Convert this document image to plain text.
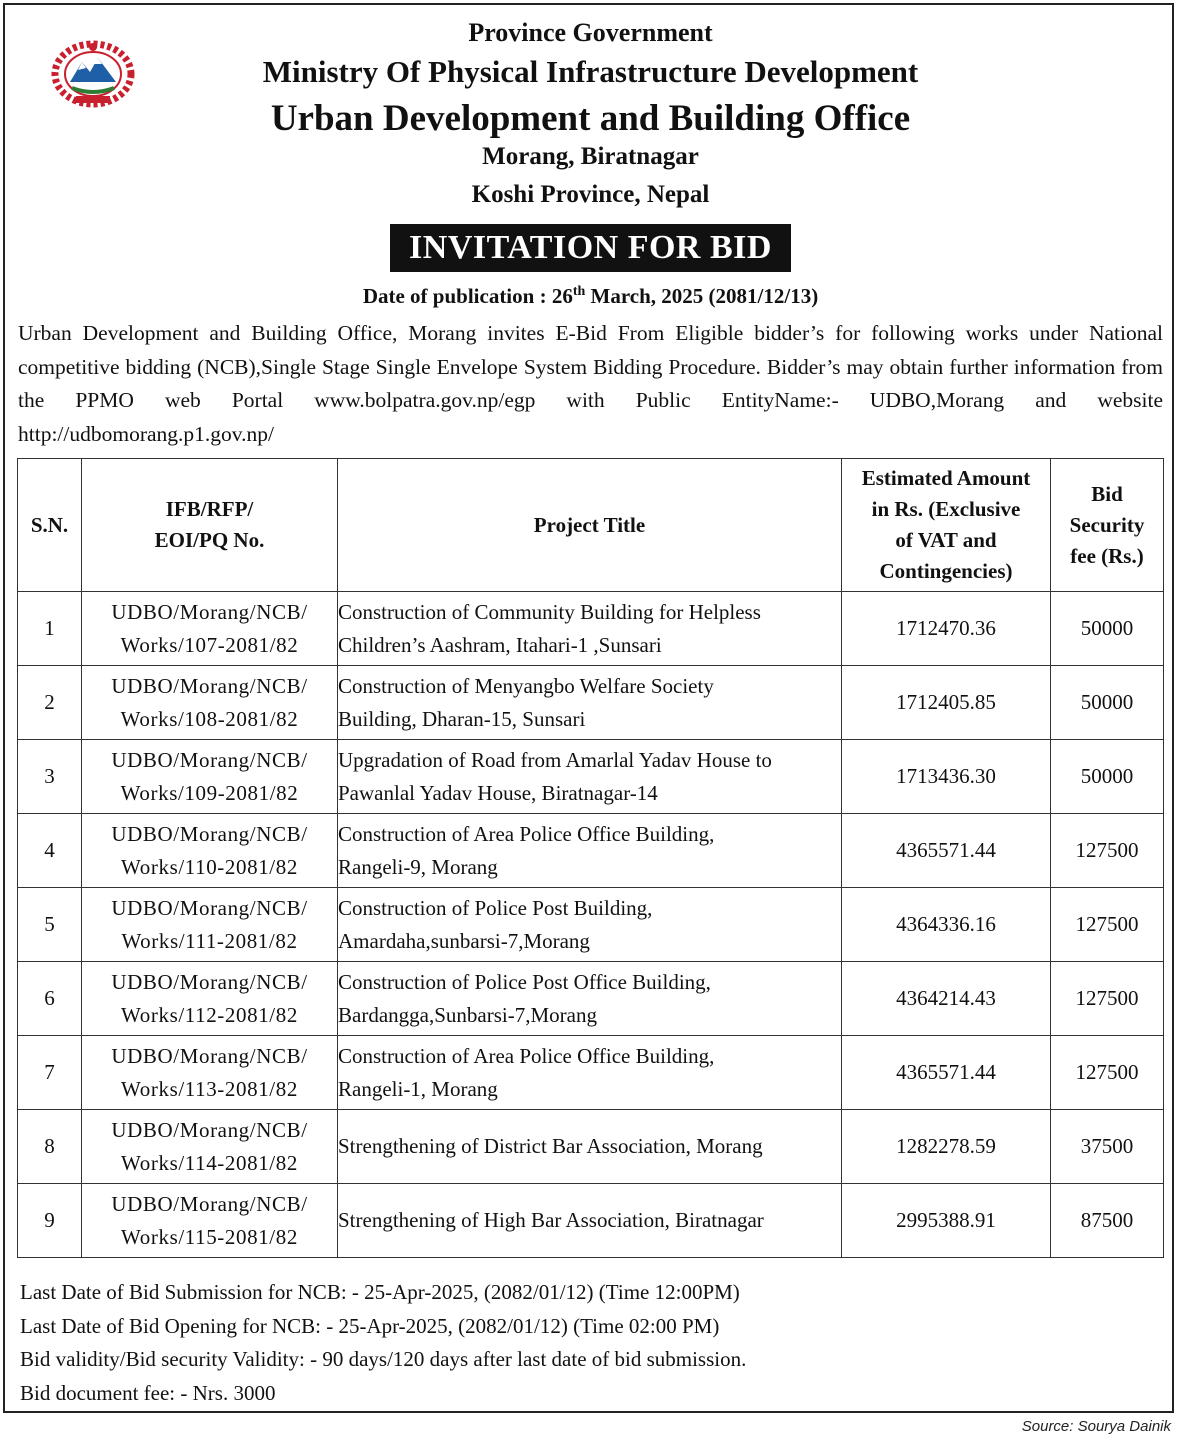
Province Government
Ministry Of Physical Infrastructure Development
Urban Development and Building Office
Morang, Biratnagar
Koshi Province, Nepal
INVITATION FOR BID
Date of publication : 26th March, 2025 (2081/12/13)
Urban Development and Building Office, Morang invites E-Bid From Eligible bidder’s for following works under National competitive bidding (NCB),Single Stage Single Envelope System Bidding Procedure. Bidder’s may obtain further information from the PPMO web Portal www.bolpatra.gov.np/egp with Public EntityName:- UDBO,Morang and website http://udbomorang.p1.gov.np/
S.N.	IFB/RFP/
EOI/PQ No.	Project Title	Estimated Amount
in Rs. (Exclusive
of VAT and
Contingencies)	Bid
Security
fee (Rs.)
1	UDBO/Morang/NCB/
Works/107-2081/82	Construction of Community Building for Helpless
Children’s Aashram, Itahari-1 ,Sunsari	1712470.36	50000
2	UDBO/Morang/NCB/
Works/108-2081/82	Construction of Menyangbo Welfare Society
Building, Dharan-15, Sunsari	1712405.85	50000
3	UDBO/Morang/NCB/
Works/109-2081/82	Upgradation of Road from Amarlal Yadav House to
Pawanlal Yadav House, Biratnagar-14	1713436.30	50000
4	UDBO/Morang/NCB/
Works/110-2081/82	Construction of Area Police Office Building,
Rangeli-9, Morang	4365571.44	127500
5	UDBO/Morang/NCB/
Works/111-2081/82	Construction of Police Post Building,
Amardaha,sunbarsi-7,Morang	4364336.16	127500
6	UDBO/Morang/NCB/
Works/112-2081/82	Construction of Police Post Office Building,
Bardangga,Sunbarsi-7,Morang	4364214.43	127500
7	UDBO/Morang/NCB/
Works/113-2081/82	Construction of Area Police Office Building,
Rangeli-1, Morang	4365571.44	127500
8	UDBO/Morang/NCB/
Works/114-2081/82	Strengthening of District Bar Association, Morang	1282278.59	37500
9	UDBO/Morang/NCB/
Works/115-2081/82	Strengthening of High Bar Association, Biratnagar	2995388.91	87500
Last Date of Bid Submission for NCB: - 25-Apr-2025, (2082/01/12) (Time 12:00PM)
Last Date of Bid Opening for NCB: - 25-Apr-2025, (2082/01/12) (Time 02:00 PM)
Bid validity/Bid security Validity: - 90 days/120 days after last date of bid submission.
Bid document fee: - Nrs. 3000
Source: Sourya Dainik
